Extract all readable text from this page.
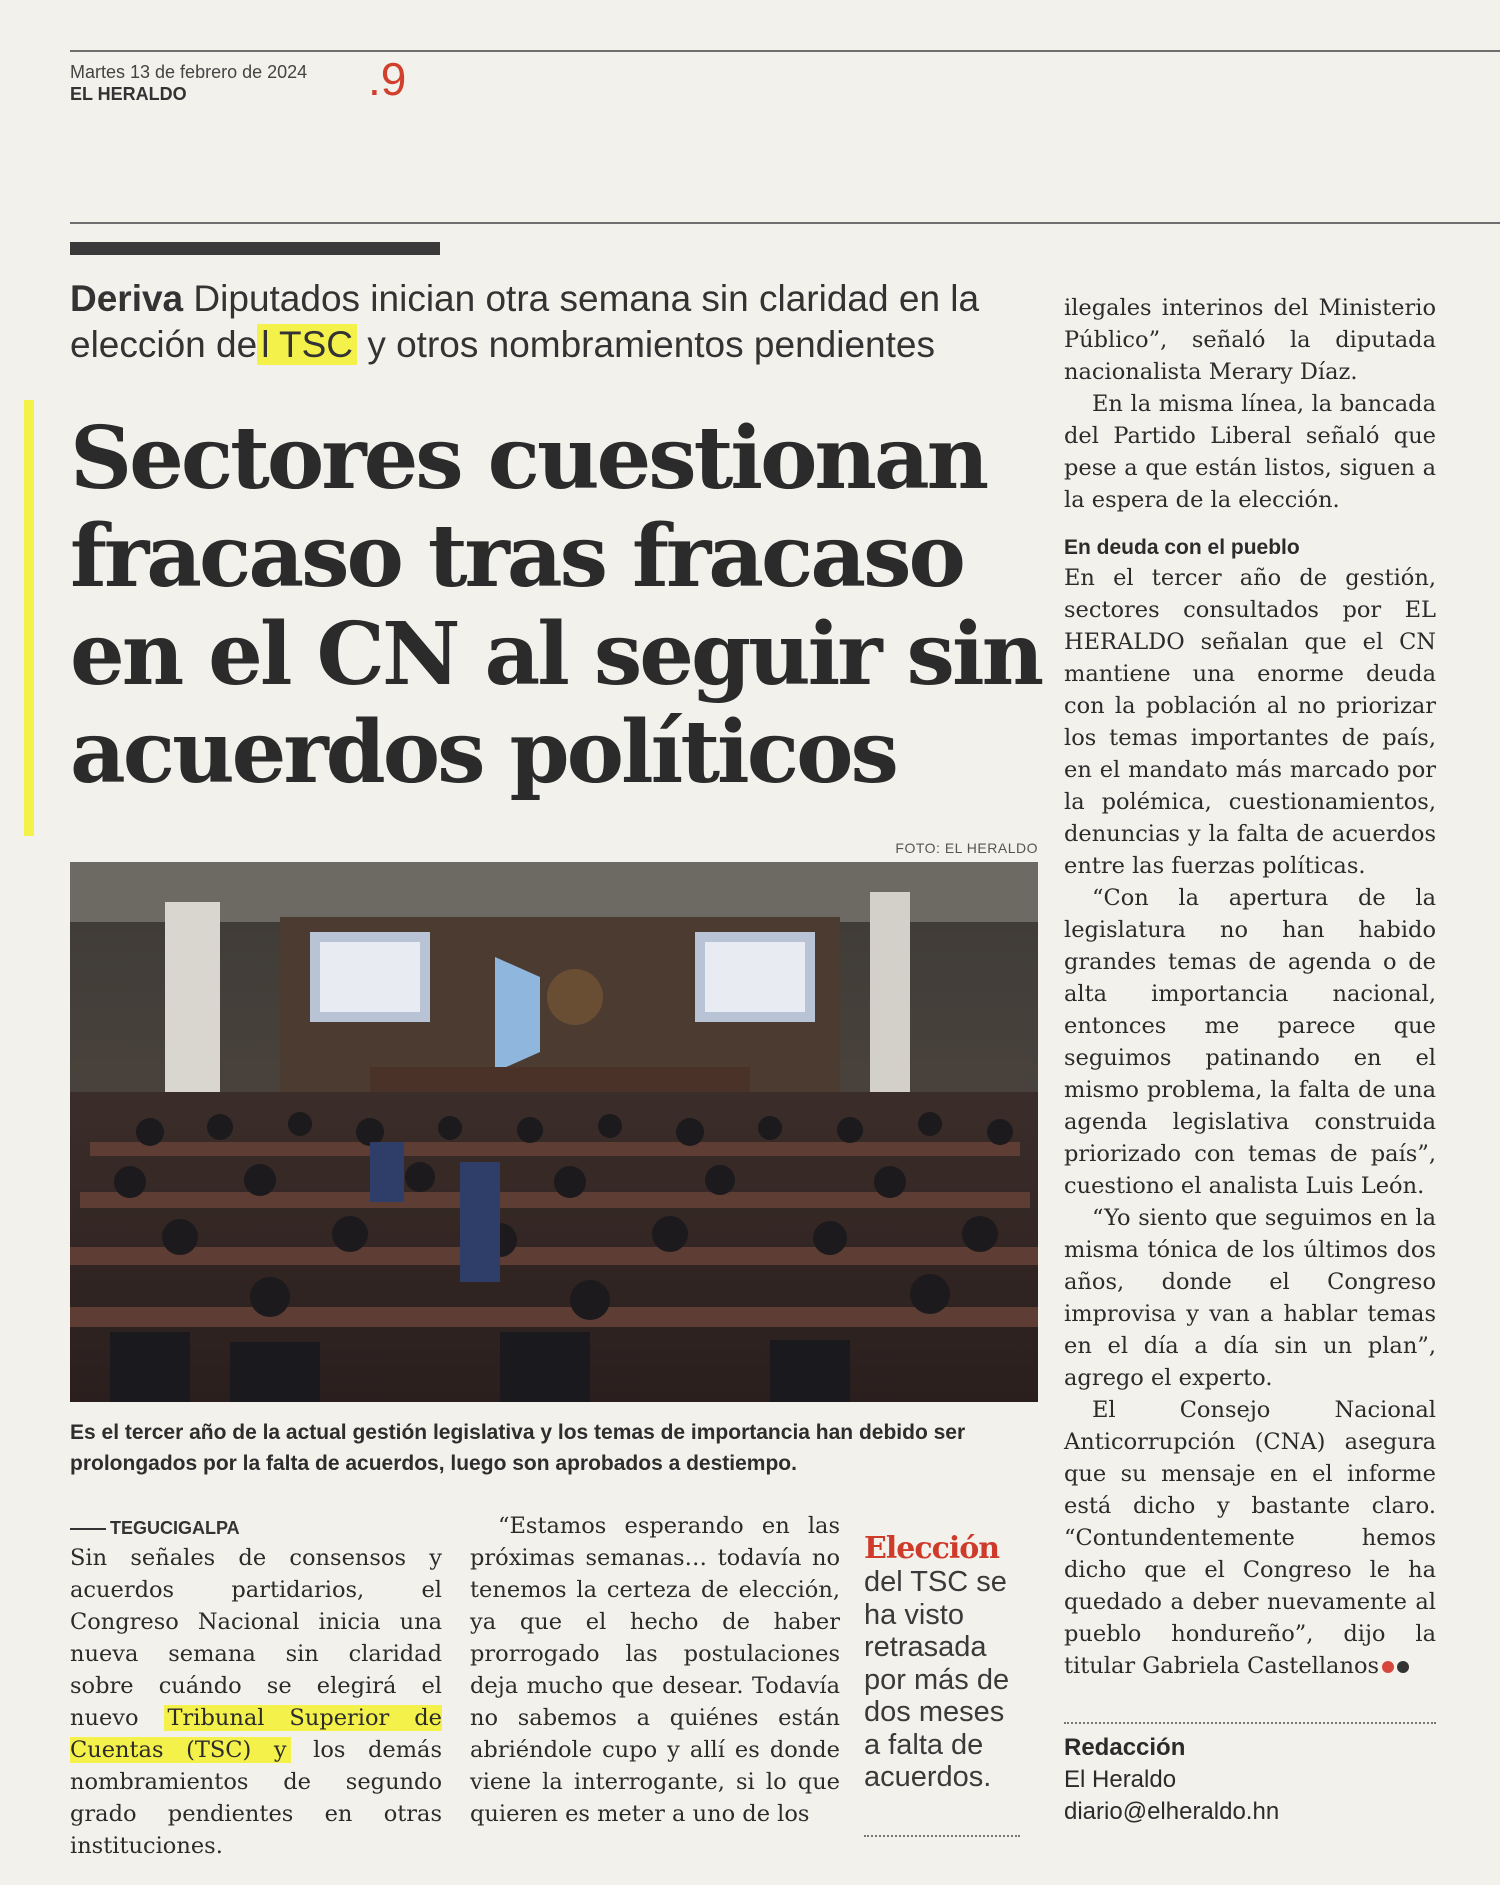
Martes 13 de febrero de 2024
EL HERALDO	.9
Deriva Diputados inician otra semana sin claridad en la elección de l TSC y otros nombramientos pendientes
Sectores cuestionan fracaso tras fracaso en el CN al seguir sin acuerdos políticos
FOTO: EL HERALDO
Es el tercer año de la actual gestión legislativa y los temas de importancia han debido ser prolongados por la falta de acuerdos, luego son aprobados a destiempo.
TEGUCIGALPA

Sin señales de consensos y acuerdos partidarios, el Congreso Nacional inicia una nueva semana sin claridad sobre cuándo se elegirá el nuevo Tribunal Superior de Cuentas (TSC) y los demás nombramientos de segundo grado pendientes en otras instituciones.

“Estamos esperando en las próximas semanas… todavía no tenemos la certeza de elección, ya que el hecho de haber prorrogado las postulaciones deja mucho que desear. Todavía no sabemos a quiénes están abriéndole cupo y allí es donde viene la interrogante, si lo que quieren es meter a uno de los

Elección
del TSC se ha visto retrasada por más de dos meses a falta de acuerdos.

ilegales interinos del Ministerio Público”, señaló la diputada nacionalista Merary Díaz.

En la misma línea, la bancada del Partido Liberal señaló que pese a que están listos, siguen a la espera de la elección.

En deuda con el pueblo

En el tercer año de gestión, sectores consultados por EL HERALDO señalan que el CN mantiene una enorme deuda con la población al no priorizar los temas importantes de país, en el mandato más marcado por la polémica, cuestionamientos, denuncias y la falta de acuerdos entre las fuerzas políticas.

“Con la apertura de la legislatura no han habido grandes temas de agenda o de alta importancia nacional, entonces me parece que seguimos patinando en el mismo problema, la falta de una agenda legislativa construida priorizado con temas de país”, cuestiono el analista Luis León.

“Yo siento que seguimos en la misma tónica de los últimos dos años, donde el Congreso improvisa y van a hablar temas en el día a día sin un plan”, agrego el experto.

El Consejo Nacional Anticorrupción (CNA) asegura que su mensaje en el informe está dicho y bastante claro. “Contundentemente hemos dicho que el Congreso le ha quedado a deber nuevamente al pueblo hondureño”, dijo la titular Gabriela Castellanos

Redacción
El Heraldo
diario@elheraldo.hn
